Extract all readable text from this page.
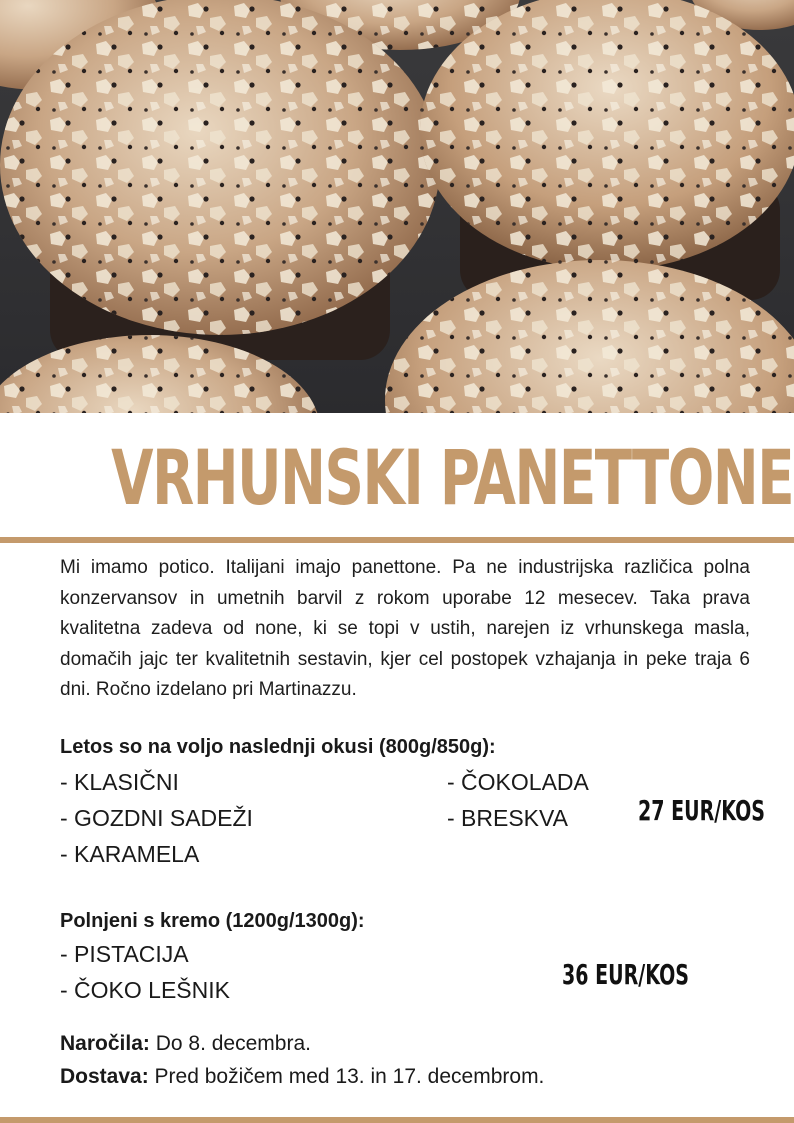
VRHUNSKI PANETTONE
Mi imamo potico. Italijani imajo panettone. Pa ne industrijska različica polna konzervansov in umetnih barvil z rokom uporabe 12 mesecev. Taka prava kvalitetna zadeva od none, ki se topi v ustih, narejen iz vrhunskega masla, domačih jajc ter kvalitetnih sestavin, kjer cel postopek vzhajanja in peke traja 6 dni. Ročno izdelano pri Martinazzu.
Letos so na voljo naslednji okusi (800g/850g):
- KLASIČNI
- GOZDNI SADEŽI
- KARAMELA
- ČOKOLADA
- BRESKVA	27 EUR/KOS
Polnjeni s kremo (1200g/1300g):
- PISTACIJA
- ČOKO LEŠNIK	36 EUR/KOS
Naročila: Do 8. decembra.
Dostava: Pred božičem med 13. in 17. decembrom.
